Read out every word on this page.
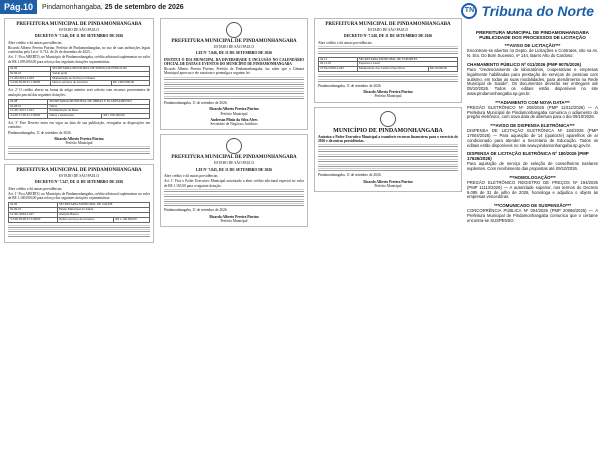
Pág.10	Pindamonhangaba, 25 de setembro de 2026	TN Tribuna do Norte
PREFEITURA MUNICIPAL DE PINDAMONHANGABA
ESTADO DE SÃO PAULO
DECRETO Nº 7.546, DE 11 DE SETEMBRO DE 2026
Abre crédito e dá outras providências
Ricardo Alberto Pereira Piorino, Prefeito de Pindamonhangaba, no uso de suas atribuições legais conferidas pela Lei nº 6.712, de 26 de dezembro de 2025...
Art. 1º Fica ABERTO, no Município de Pindamonhangaba, crédito adicional suplementar no valor de R$ 1.095.000,00 para reforço das seguintes dotações orçamentárias:
02.06	SECRETARIA MUNICIPAL DE SERVIÇOS PÚBLICOS	
02.06.01	Saúde geral	
15.452.0014.2.003	Manutenção de Serviços Urbanos	
3.3.90.39.00.01.110000	Outros serviços de terceiros	R$ 1.095.000,00
Art. 2º O crédito aberto na forma do artigo anterior será coberto com recursos provenientes de anulação parcial das seguintes dotações:
02.08	SECRETARIA MUNICIPAL DE OBRAS E PLANEJAMENTO	
02.08.01	Obras	
15.451.0013.1.001	Pavimentação de Ruas	
4.4.90.51.00.01.110000	Obras e instalações	R$ 1.095.000,00
Art. 3º Este Decreto entra em vigor na data de sua publicação, revogadas as disposições em contrário.
Pindamonhangaba, 11 de setembro de 2026.
Ricardo Alberto Pereira Piorino
Prefeito Municipal
PREFEITURA MUNICIPAL DE PINDAMONHANGABA
ESTADO DE SÃO PAULO
DECRETO Nº 7.547, DE 11 DE SETEMBRO DE 2026
Abre crédito e dá outras providências
Art. 1º Fica ABERTO, no Município de Pindamonhangaba, crédito adicional suplementar no valor de R$ 1.100.000,00 para reforço das seguintes dotações orçamentárias:
02.06	SECRETARIA MUNICIPAL DE SAÚDE	
02.06.01	Fundo Municipal de Saúde	
10.301.0004.2.027	Atenção Básica	
3.3.90.39.00.01.310000	Outros serviços de terceiros	R$ 1.100.000,00
PREFEITURA MUNICIPAL DE PINDAMONHANGABA
ESTADO DE SÃO PAULO
LEI Nº 7.046, DE 11 DE SETEMBRO DE 2026
INSTITUI O DIA MUNICIPAL DA DIVERSIDADE E INCLUSÃO NO CALENDÁRIO OFICIAL DE DATAS E EVENTOS DO MUNICÍPIO DE PINDAMONHANGABA
Ricardo Alberto Pereira Piorino, Prefeito de Pindamonhangaba, faz saber que a Câmara Municipal aprovou e ele sanciona e promulga a seguinte lei:
Pindamonhangaba, 11 de setembro de 2026.
Ricardo Alberto Pereira Piorino
Prefeito Municipal
Anderson Plinio da Silva Alves
Secretário de Negócios Jurídicos
PREFEITURA MUNICIPAL DE PINDAMONHANGABA
ESTADO DE SÃO PAULO
LEI Nº 7.045, DE 11 DE SETEMBRO DE 2026
Abre crédito e dá outras providências
Art. 1º Fica o Poder Executivo Municipal autorizado a abrir crédito adicional especial no valor de R$ 1.165,00 para a seguinte dotação:
Pindamonhangaba, 11 de setembro de 2026.
Ricardo Alberto Pereira Piorino
Prefeito Municipal
PREFEITURA MUNICIPAL DE PINDAMONHANGABA
ESTADO DE SÃO PAULO
DECRETO Nº 7.548, DE 11 DE SETEMBRO DE 2026
Abre crédito e dá outras providências
02.12	SECRETARIA MUNICIPAL DE ESPORTES	
02.12.01	Esportes e Lazer	
27.812.0020.2.045	Manutenção dos Centros Esportivos	R$ 50.000,00
Pindamonhangaba, 11 de setembro de 2026.
Ricardo Alberto Pereira Piorino
Prefeito Municipal
MUNICÍPIO DE PINDAMONHANGABA
Autoriza o Poder Executivo Municipal a transferir recursos financeiros para o exercício de 2026 e dá outras providências.
Pindamonhangaba, 11 de setembro de 2026.
Ricardo Alberto Pereira Piorino
Prefeito Municipal
PREFEITURA MUNICIPAL DE PINDAMONHANGABA PUBLICIDADE DOS PROCESSOS DE LICITAÇÃO
***AVISO DE LICITAÇÃO***
Encontram-se abertos no Depto. de Licitações e Contratos, sito na Av. N. Sra. Do Bom Sucesso, nº 144, Bairro Alto do Cardoso:
CHAMAMENTO PÚBLICO Nº 011/2026 (PMP 9075/2026)
Para "credenciamento de laboratórios, cooperativas e empresas legalmente habilitadas para prestação de serviços de pessoas com autismo, em todas as suas modalidades, para atendimento na Rede Municipal de Saúde". Os documentos deverão ser entregues até 05/10/2026. Todos os editais estão disponíveis no site www.pindamonhangaba.sp.gov.br.
***ADIAMENTO COM NOVA DATA***
PREGÃO ELETRÔNICO Nº 209/2026 (PMP 12312/2026) — A Prefeitura Municipal de Pindamonhangaba comunica o adiamento do pregão eletrônico, com nova data de abertura para o dia 09/10/2026.
***AVISO DE DISPENSA ELETRÔNICA***
DISPENSA DE LICITAÇÃO ELETRÔNICA Nº 184/2026 (PMP 17604/2026) — Para aquisição de 14 (quatorze) aparelhos de ar condicionado para atender a Secretaria de Educação. Todos os editais estão disponíveis no site www.pindamonhangaba.sp.gov.br.
DISPENSA DE LICITAÇÃO ELETRÔNICA Nº 180/2026 (PMP 17626/2026)
Para aquisição de serviço de seleção de conselheiros tutelares suplentes. Com recebimento das propostas até 09/10/2026.
***HOMOLOGAÇÃO***
PREGÃO ELETRÔNICO REGISTRO DE PREÇOS Nº 194/2026 (PMP 11113/2026) — A autoridade superior, nos termos do Decreto 9.085 de 31 de julho de 2026, homologa e adjudica o objeto às empresas vencedoras.
***COMUNICADO DE SUSPENSÃO***
CONCORRÊNCIA PÚBLICA Nº 004/2026 (PMP 20066/2025) — A Prefeitura Municipal de Pindamonhangaba comunica que o certame encontra-se SUSPENSO.
